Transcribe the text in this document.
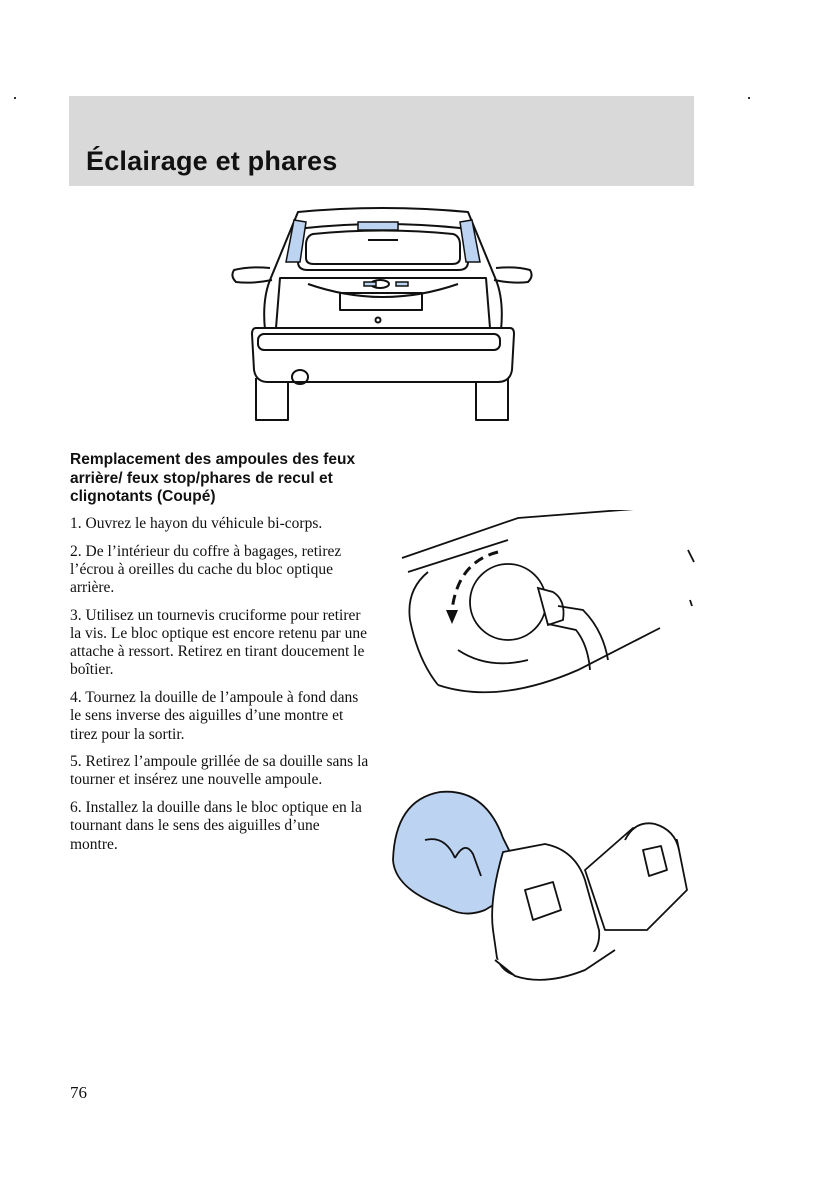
Éclairage et phares
Remplacement des ampoules des feux arrière/ feux stop/phares de recul et clignotants (Coupé)
1. Ouvrez le hayon du véhicule bi-corps.
2. De l’intérieur du coffre à bagages, retirez l’écrou à oreilles du cache du bloc optique arrière.
3. Utilisez un tournevis cruciforme pour retirer la vis. Le bloc optique est encore retenu par une attache à ressort. Retirez en tirant doucement le boîtier.
4. Tournez la douille de l’ampoule à fond dans le sens inverse des aiguilles d’une montre et tirez pour la sortir.
5. Retirez l’ampoule grillée de sa douille sans la tourner et insérez une nouvelle ampoule.
6. Installez la douille dans le bloc optique en la tournant dans le sens des aiguilles d’une montre.

76
